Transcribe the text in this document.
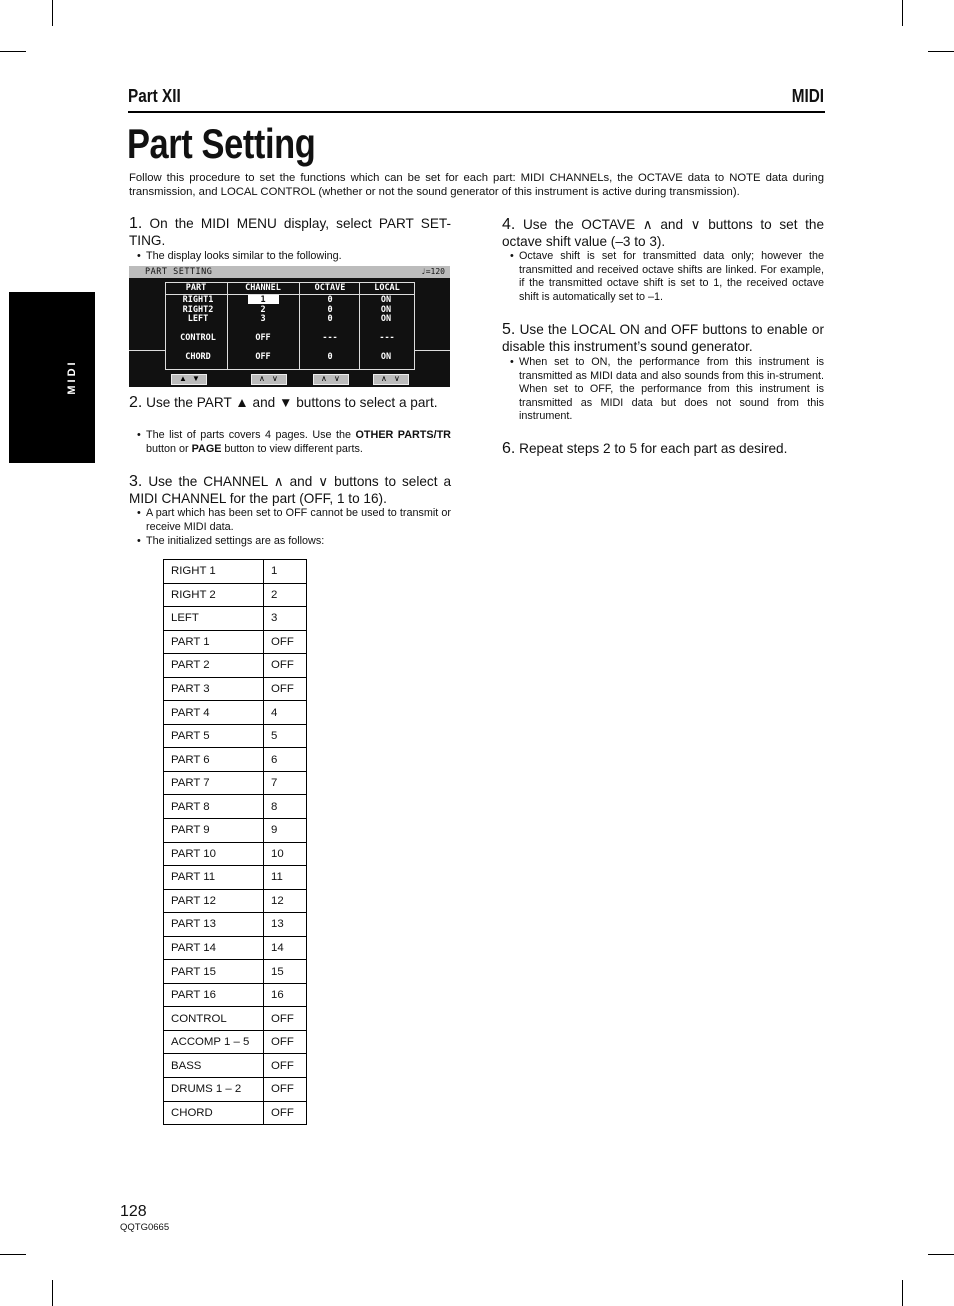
MIDI
Part XII	MIDI
Part Setting
Follow this procedure to set the functions which can be set for each part: MIDI CHANNELs, the OCTAVE data to NOTE data during transmission, and LOCAL CONTROL (whether or not the sound generator of this instrument is active during transmission).
1. On the MIDI MENU display, select PART SET-TING.
• The display looks similar to the following.
PART SETTING	♩=120
PART	CHANNEL	OCTAVE	LOCAL
RIGHT1	1	0	ON
RIGHT2	2	0	ON
LEFT	3	0	ON
CONTROL	OFF	---	---
CHORD	OFF	0	ON
▲ ▼	∧ ∨	∧ ∨	∧ ∨
2. Use the PART ▲ and ▼ buttons to select a part.
• The list of parts covers 4 pages. Use the OTHER PARTS/TR button or PAGE button to view different parts.
3. Use the CHANNEL ∧ and ∨ buttons to select a MIDI CHANNEL for the part (OFF, 1 to 16).
• A part which has been set to OFF cannot be used to transmit or receive MIDI data.
• The initialized settings are as follows:
RIGHT 1	1
RIGHT 2	2
LEFT	3
PART 1	OFF
PART 2	OFF
PART 3	OFF
PART 4	4
PART 5	5
PART 6	6
PART 7	7
PART 8	8
PART 9	9
PART 10	10
PART 11	11
PART 12	12
PART 13	13
PART 14	14
PART 15	15
PART 16	16
CONTROL	OFF
ACCOMP 1 – 5	OFF
BASS	OFF
DRUMS 1 – 2	OFF
CHORD	OFF
4. Use the OCTAVE ∧ and ∨ buttons to set the octave shift value (–3 to 3).
• Octave shift is set for transmitted data only; however the transmitted and received octave shifts are linked. For example, if the transmitted octave shift is set to 1, the received octave shift is automatically set to –1.
5. Use the LOCAL ON and OFF buttons to enable or disable this instrument’s sound generator.
• When set to ON, the performance from this instrument is transmitted as MIDI data and also sounds from this in-strument. When set to OFF, the performance from this instrument is transmitted as MIDI data but does not sound from this instrument.
6. Repeat steps 2 to 5 for each part as desired.
128
QQTG0665
